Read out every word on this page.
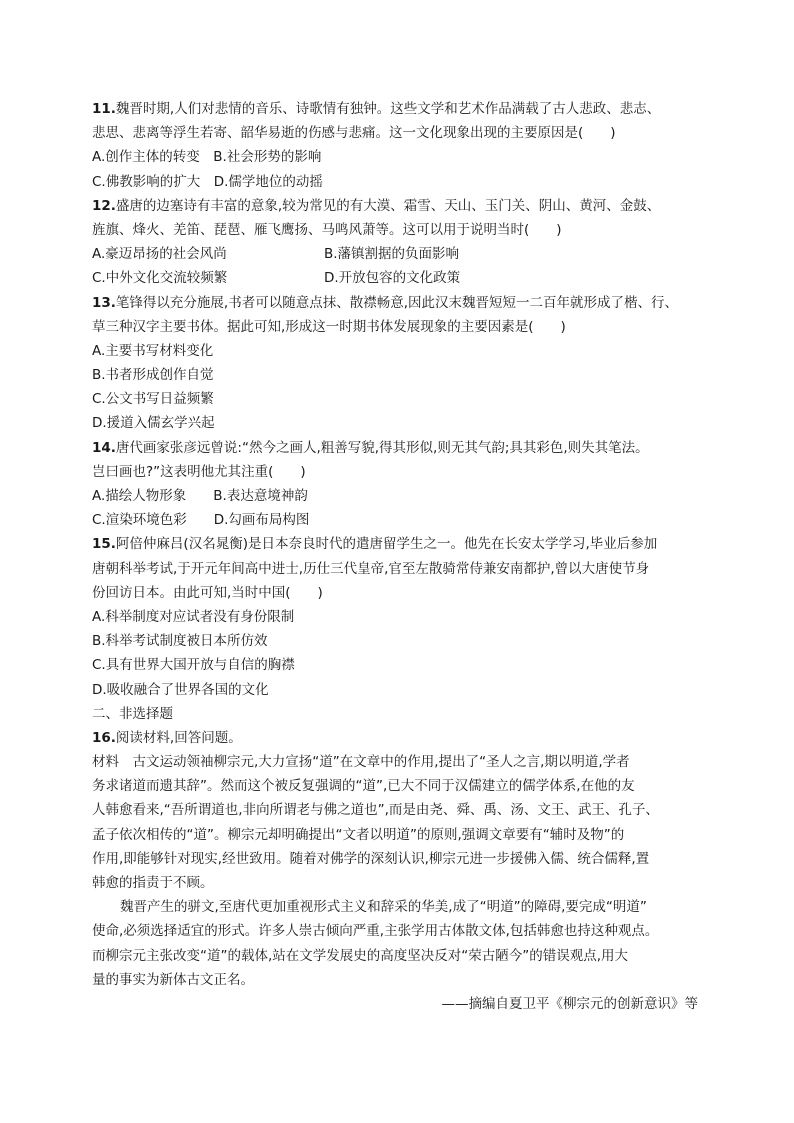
11.魏晋时期,人们对悲情的音乐、诗歌情有独钟。这些文学和艺术作品满载了古人悲政、悲志、
悲思、悲离等浮生若寄、韶华易逝的伤感与悲痛。这一文化现象出现的主要原因是(　　)
A.创作主体的转变　B.社会形势的影响
C.佛教影响的扩大　D.儒学地位的动摇
12.盛唐的边塞诗有丰富的意象,较为常见的有大漠、霜雪、天山、玉门关、阴山、黄河、金鼓、
旌旗、烽火、羌笛、琵琶、雁飞鹰扬、马鸣风萧等。这可以用于说明当时(　　)
A.豪迈昂扬的社会风尚	B.藩镇割据的负面影响
C.中外文化交流较频繁	D.开放包容的文化政策
13.笔锋得以充分施展,书者可以随意点抹、散襟畅意,因此汉末魏晋短短一二百年就形成了楷、行、
草三种汉字主要书体。据此可知,形成这一时期书体发展现象的主要因素是(　　)
A.主要书写材料变化
B.书者形成创作自觉
C.公文书写日益频繁
D.援道入儒玄学兴起
14.唐代画家张彦远曾说:“然今之画人,粗善写貌,得其形似,则无其气韵;具其彩色,则失其笔法。
岂曰画也?”这表明他尤其注重(　　)
A.描绘人物形象　　B.表达意境神韵
C.渲染环境色彩　　D.勾画布局构图
15.阿倍仲麻吕(汉名晁衡)是日本奈良时代的遣唐留学生之一。他先在长安太学学习,毕业后参加
唐朝科举考试,于开元年间高中进士,历仕三代皇帝,官至左散骑常侍兼安南都护,曾以大唐使节身
份回访日本。由此可知,当时中国(　　)
A.科举制度对应试者没有身份限制
B.科举考试制度被日本所仿效
C.具有世界大国开放与自信的胸襟
D.吸收融合了世界各国的文化
二、非选择题
16.阅读材料,回答问题。
材料　古文运动领袖柳宗元,大力宣扬“道”在文章中的作用,提出了“圣人之言,期以明道,学者
务求诸道而遗其辞”。然而这个被反复强调的“道”,已大不同于汉儒建立的儒学体系,在他的友
人韩愈看来,“吾所谓道也,非向所谓老与佛之道也”,而是由尧、舜、禹、汤、文王、武王、孔子、
孟子依次相传的“道”。柳宗元却明确提出“文者以明道”的原则,强调文章要有“辅时及物”的
作用,即能够针对现实,经世致用。随着对佛学的深刻认识,柳宗元进一步援佛入儒、统合儒释,置
韩愈的指责于不顾。
魏晋产生的骈文,至唐代更加重视形式主义和辞采的华美,成了“明道”的障碍,要完成“明道”
使命,必须选择适宜的形式。许多人崇古倾向严重,主张学用古体散文体,包括韩愈也持这种观点。
而柳宗元主张改变“道”的载体,站在文学发展史的高度坚决反对“荣古陋今”的错误观点,用大
量的事实为新体古文正名。
——摘编自夏卫平《柳宗元的创新意识》等
